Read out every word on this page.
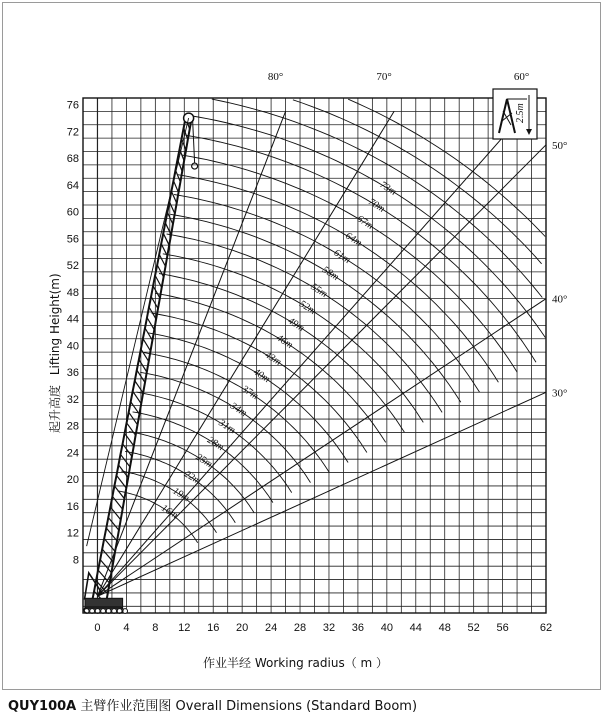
2.5m
0 4 8 12 16 20 24 28 32 36 40 44 48 52 56	62
8
12
16
20
24
28
32
36
40
44
48
52
56
60
64
68
72
76
80°	70°	60°
50°
40°
30°
16m
19m
22m
25m
28m
31m
34m
37m
40m
43m
46m
49m
52m
55m
58m
61m
64m
67m
70m
73m
起升高度 Lifting Height(m)
作业半经 Working radius（ m ）
QUY100A 主臂作业范围图 Overall Dimensions (Standard Boom)
